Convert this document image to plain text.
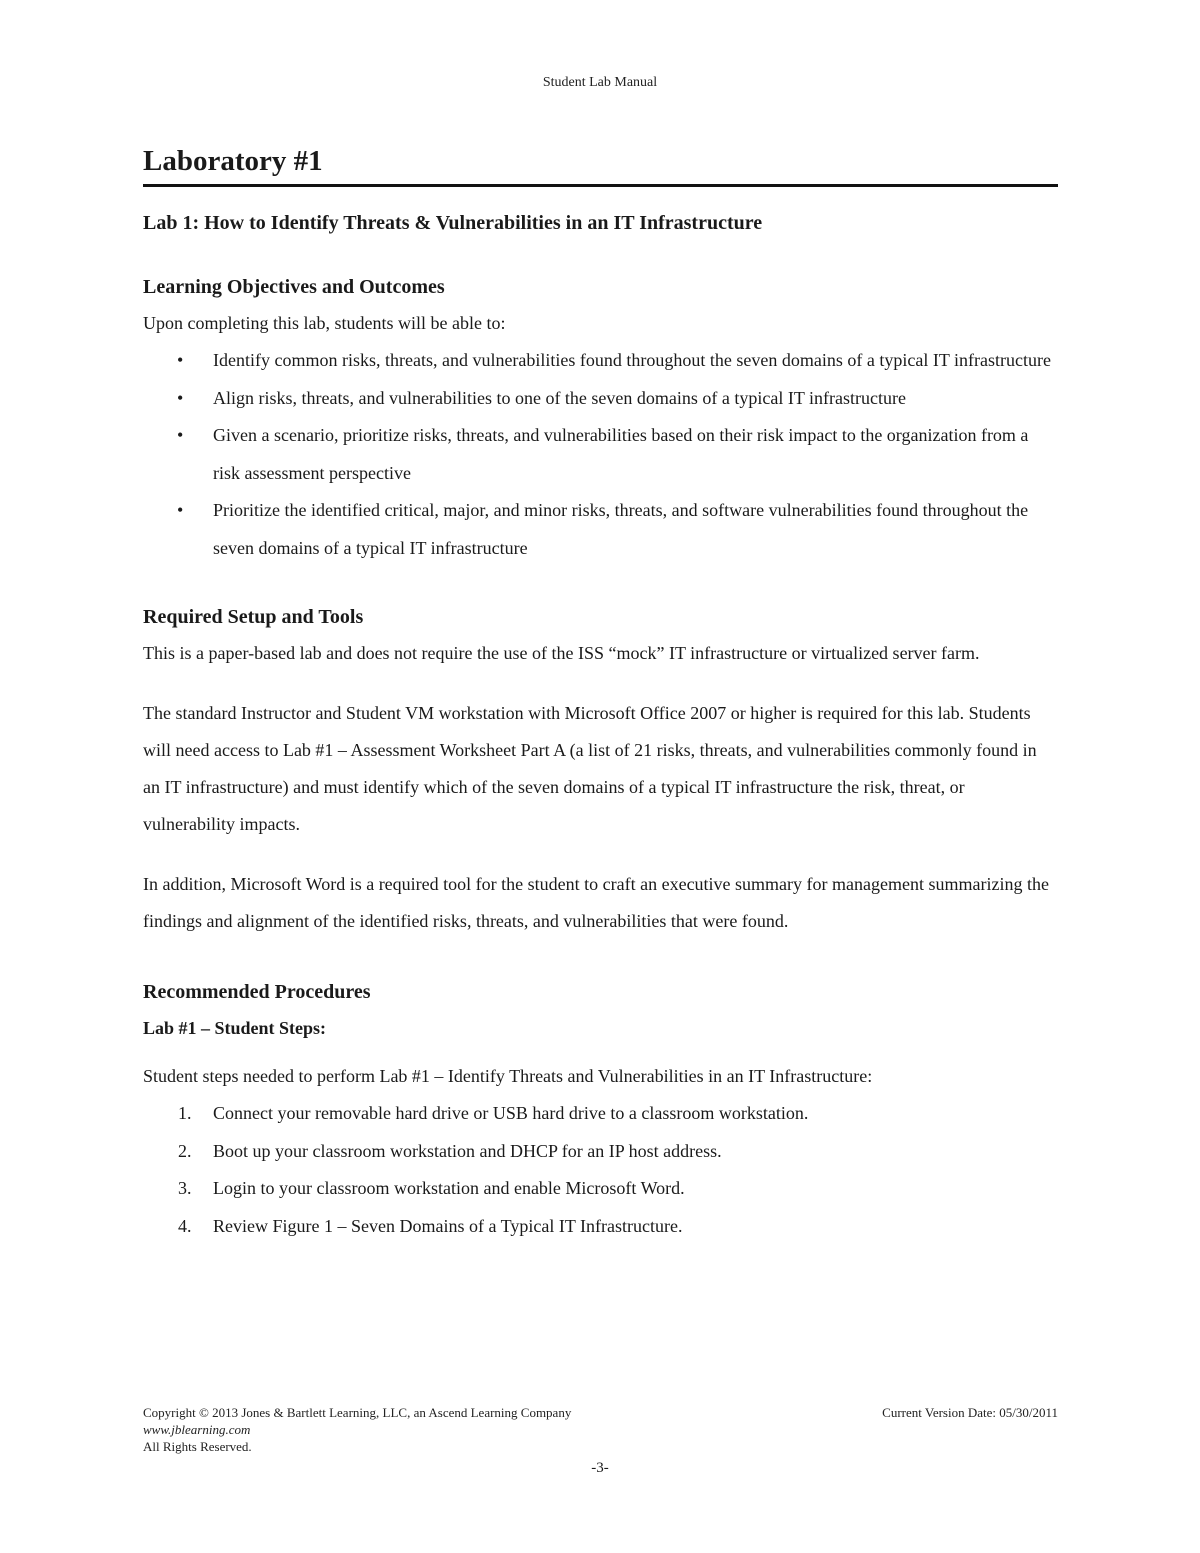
Student Lab Manual
Laboratory #1
Lab 1: How to Identify Threats & Vulnerabilities in an IT Infrastructure
Learning Objectives and Outcomes

Upon completing this lab, students will be able to:

• Identify common risks, threats, and vulnerabilities found throughout the seven domains of a typical IT infrastructure
• Align risks, threats, and vulnerabilities to one of the seven domains of a typical IT infrastructure
• Given a scenario, prioritize risks, threats, and vulnerabilities based on their risk impact to the organization from a risk assessment perspective
• Prioritize the identified critical, major, and minor risks, threats, and software vulnerabilities found throughout the seven domains of a typical IT infrastructure
Required Setup and Tools

This is a paper-based lab and does not require the use of the ISS “mock” IT infrastructure or virtualized server farm.

The standard Instructor and Student VM workstation with Microsoft Office 2007 or higher is required for this lab. Students will need access to Lab #1 – Assessment Worksheet Part A (a list of 21 risks, threats, and vulnerabilities commonly found in an IT infrastructure) and must identify which of the seven domains of a typical IT infrastructure the risk, threat, or vulnerability impacts.

In addition, Microsoft Word is a required tool for the student to craft an executive summary for management summarizing the findings and alignment of the identified risks, threats, and vulnerabilities that were found.

Recommended Procedures
Lab #1 – Student Steps:

Student steps needed to perform Lab #1 – Identify Threats and Vulnerabilities in an IT Infrastructure:

1. Connect your removable hard drive or USB hard drive to a classroom workstation.
2. Boot up your classroom workstation and DHCP for an IP host address.
3. Login to your classroom workstation and enable Microsoft Word.
4. Review Figure 1 – Seven Domains of a Typical IT Infrastructure.
Copyright © 2013 Jones & Bartlett Learning, LLC, an Ascend Learning Company
www.jblearning.com
All Rights Reserved.
Current Version Date: 05/30/2011
-3-
